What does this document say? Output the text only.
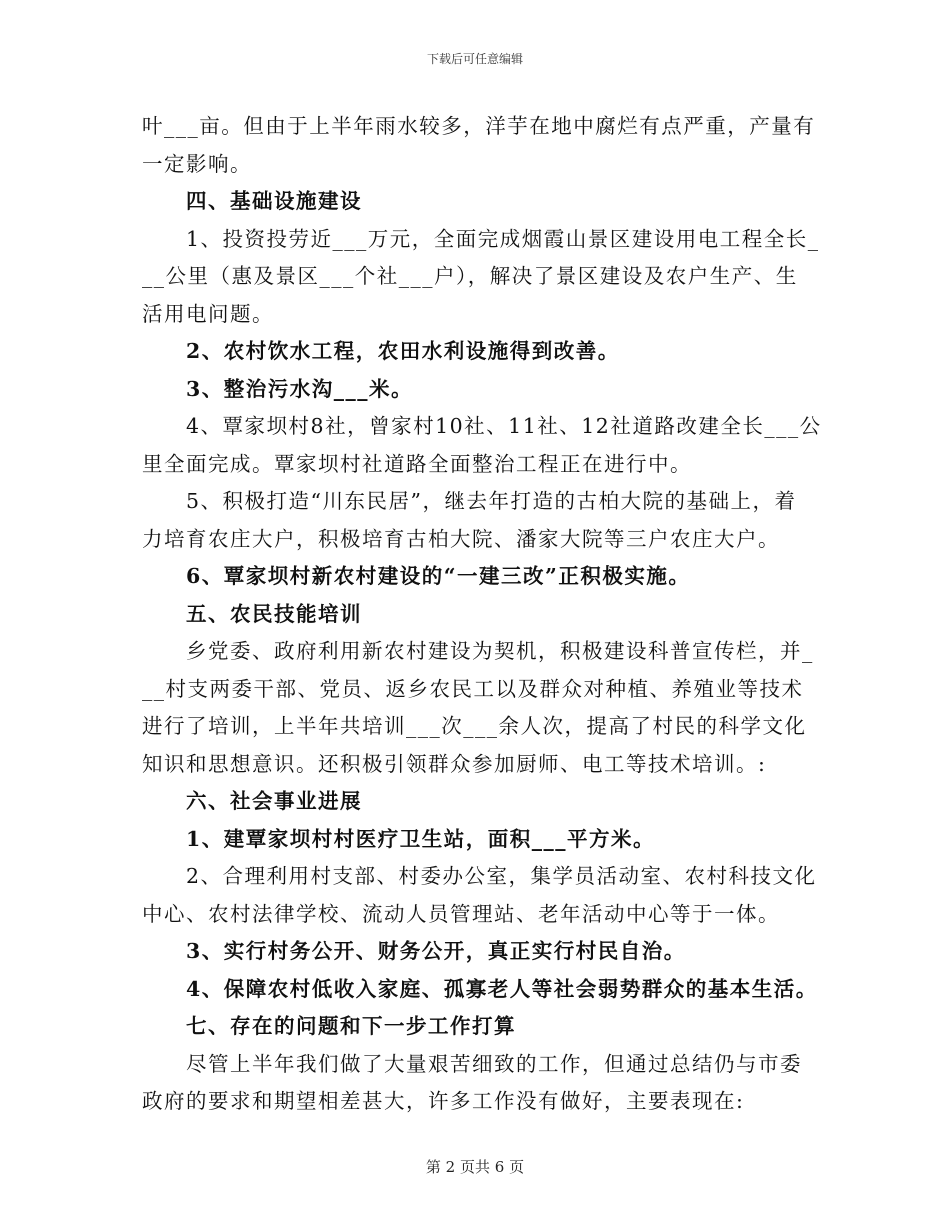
下载后可任意编辑
叶___亩。但由于上半年雨水较多，洋芋在地中腐烂有点严重，产量有
一定影响。
四、基础设施建设
1、投资投劳近___万元，全面完成烟霞山景区建设用电工程全长_
__公里（惠及景区___个社___户），解决了景区建设及农户生产、生
活用电问题。
2、农村饮水工程，农田水利设施得到改善。
3、整治污水沟___米。
4、覃家坝村8社，曾家村10社、11社、12社道路改建全长___公
里全面完成。覃家坝村社道路全面整治工程正在进行中。
5、积极打造“川东民居”，继去年打造的古柏大院的基础上，着
力培育农庄大户，积极培育古柏大院、潘家大院等三户农庄大户。
6、覃家坝村新农村建设的“一建三改”正积极实施。
五、农民技能培训
乡党委、政府利用新农村建设为契机，积极建设科普宣传栏，并_
__村支两委干部、党员、返乡农民工以及群众对种植、养殖业等技术
进行了培训，上半年共培训___次___余人次，提高了村民的科学文化
知识和思想意识。还积极引领群众参加厨师、电工等技术培训。:
六、社会事业进展
1、建覃家坝村村医疗卫生站，面积___平方米。
2、合理利用村支部、村委办公室，集学员活动室、农村科技文化
中心、农村法律学校、流动人员管理站、老年活动中心等于一体。
3、实行村务公开、财务公开，真正实行村民自治。
4、保障农村低收入家庭、孤寡老人等社会弱势群众的基本生活。
七、存在的问题和下一步工作打算
尽管上半年我们做了大量艰苦细致的工作，但通过总结仍与市委
政府的要求和期望相差甚大，许多工作没有做好，主要表现在:
第 2 页共 6 页
